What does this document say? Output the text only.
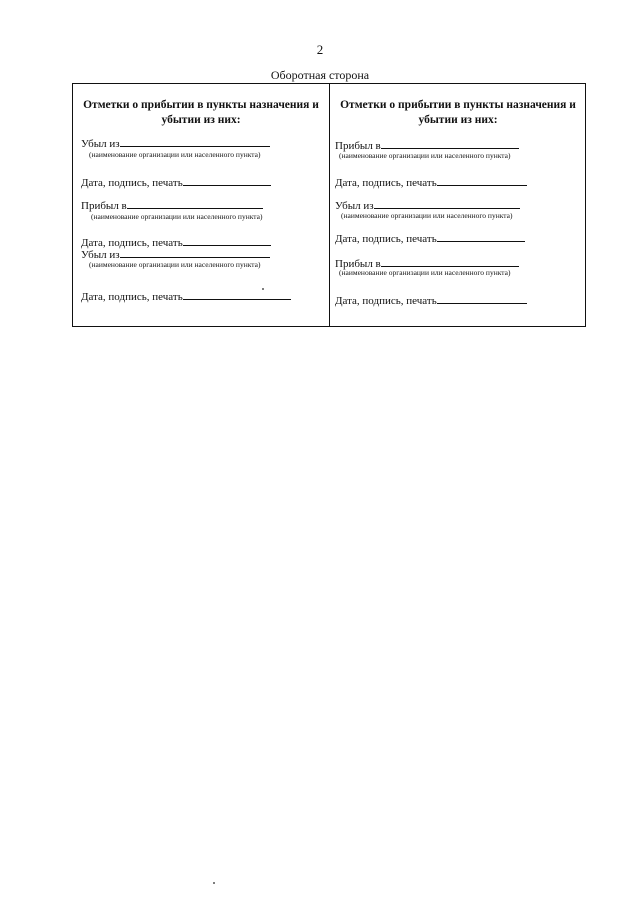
2
Оборотная сторона
Отметки о прибытии в пункты назначения и убытии из них:
Убыл из
(наименование организации или населенного пункта)
Дата, подпись, печать
Прибыл в
(наименование организации или населенного пункта)
Дата, подпись, печать
Убыл из
(наименование организации или населенного пункта)
Дата, подпись, печать
Отметки о прибытии в пункты назначения и убытии из них:
Прибыл в
(наименование организации или населенного пункта)
Дата, подпись, печать
Убыл из
(наименование организации или населенного пункта)
Дата, подпись, печать
Прибыл в
(наименование организации или населенного пункта)
Дата, подпись, печать
